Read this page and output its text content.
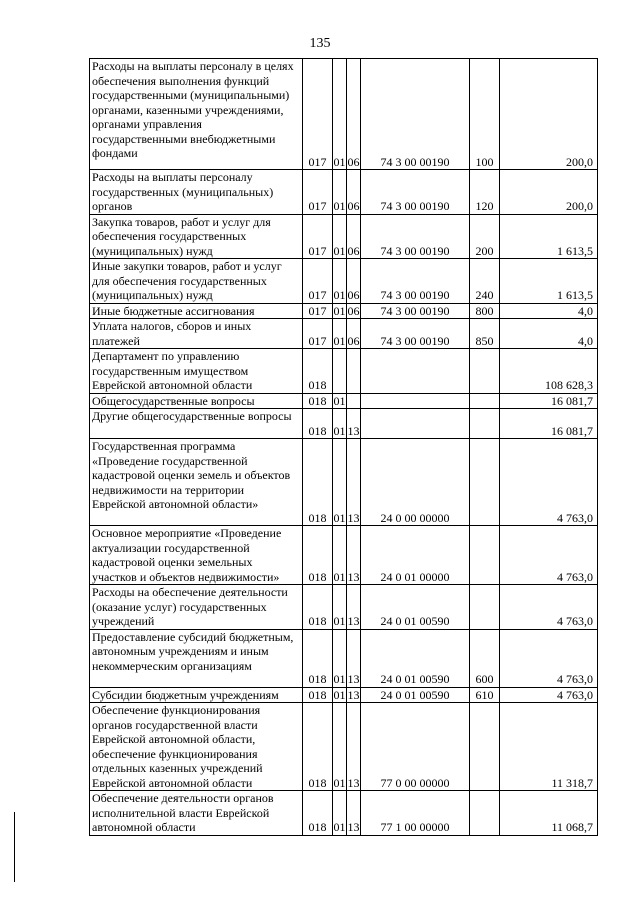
135
Расходы на выплаты персоналу в целях обеспечения выполнения функций государственными (муниципальными) органами, казенными учреждениями, органами управления государственными внебюджетными фондами	017	01	06	74 3 00 00190	100	200,0
Расходы на выплаты персоналу государственных (муниципальных) органов	017	01	06	74 3 00 00190	120	200,0
Закупка товаров, работ и услуг для обеспечения государственных (муниципальных) нужд	017	01	06	74 3 00 00190	200	1 613,5
Иные закупки товаров, работ и услуг для обеспечения государственных (муниципальных) нужд	017	01	06	74 3 00 00190	240	1 613,5
Иные бюджетные ассигнования	017	01	06	74 3 00 00190	800	4,0
Уплата налогов, сборов и иных платежей	017	01	06	74 3 00 00190	850	4,0
Департамент по управлению государственным имуществом Еврейской автономной области	018					108 628,3
Общегосударственные вопросы	018	01				16 081,7
Другие общегосударственные вопросы	018	01	13			16 081,7
Государственная программа «Проведение государственной кадастровой оценки земель и объектов недвижимости на территории Еврейской автономной области»	018	01	13	24 0 00 00000		4 763,0
Основное мероприятие «Проведение актуализации государственной кадастровой оценки земельных участков и объектов недвижимости»	018	01	13	24 0 01 00000		4 763,0
Расходы на обеспечение деятельности (оказание услуг) государственных учреждений	018	01	13	24 0 01 00590		4 763,0
Предоставление субсидий бюджетным, автономным учреждениям и иным некоммерческим организациям	018	01	13	24 0 01 00590	600	4 763,0
Субсидии бюджетным учреждениям	018	01	13	24 0 01 00590	610	4 763,0
Обеспечение функционирования органов государственной власти Еврейской автономной области, обеспечение функционирования отдельных казенных учреждений Еврейской автономной области	018	01	13	77 0 00 00000		11 318,7
Обеспечение деятельности органов исполнительной власти Еврейской автономной области	018	01	13	77 1 00 00000		11 068,7
